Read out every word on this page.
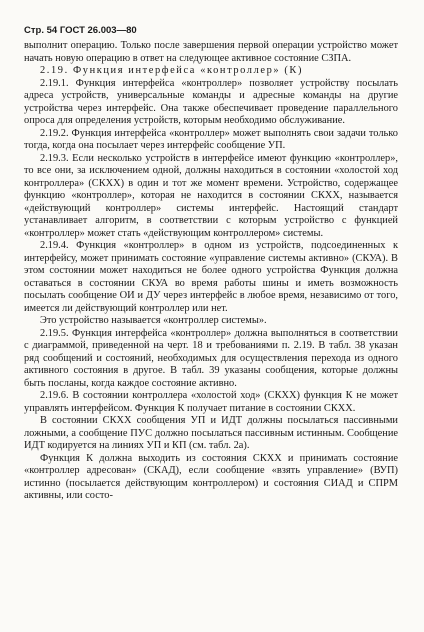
Стр. 54 ГОСТ 26.003—80

выполнит операцию. Только после завершения первой операции устройство может начать новую операцию в ответ на следующее активное состояние СЗПА.

2.19. Функция интерфейса «контроллер» (К)

2.19.1. Функция интерфейса «контроллер» позволяет устройству посылать адреса устройств, универсальные команды и адресные команды на другие устройства через интерфейс. Она также обеспечивает проведение параллельного опроса для определения устройств, которым необходимо обслуживание.

2.19.2. Функция интерфейса «контроллер» может выполнять свои задачи только тогда, когда она посылает через интерфейс сообщение УП.

2.19.3. Если несколько устройств в интерфейсе имеют функцию «контроллер», то все они, за исключением одной, должны находиться в состоянии «холостой ход контроллера» (СКХХ) в один и тот же момент времени. Устройство, содержащее функцию «контроллер», которая не находится в состоянии СКХХ, называется «действующий контроллер» системы интерфейс. Настоящий стандарт устанавливает алгоритм, в соответствии с которым устройство с функцией «контроллер» может стать «действующим контроллером» системы.

2.19.4. Функция «контроллер» в одном из устройств, подсоединенных к интерфейсу, может принимать состояние «управление системы активно» (СКУА). В этом состоянии может находиться не более одного устройства Функция должна оставаться в состоянии СКУА во время работы шины и иметь возможность посылать сообщение ОИ и ДУ через интерфейс в любое время, независимо от того, имеется ли действующий контроллер или нет.

Это устройство называется «контроллер системы».

2.19.5. Функция интерфейса «контроллер» должна выполняться в соответствии с диаграммой, приведенной на черт. 18 и требованиями п. 2.19. В табл. 38 указан ряд сообщений и состояний, необходимых для осуществления перехода из одного активного состояния в другое. В табл. 39 указаны сообщения, которые должны быть посланы, когда каждое состояние активно.

2.19.6. В состоянии контроллера «холостой ход» (СКХХ) функция К не может управлять интерфейсом. Функция К получает питание в состоянии СКХХ.

В состоянии СКХХ сообщения УП и ИДТ должны посылаться пассивными ложными, а сообщение ПУС должно посылаться пассивным истинным. Сообщение ИДТ кодируется на линиях УП и КП (см. табл. 2а).

Функция К должна выходить из состояния СКХХ и принимать состояние «контроллер адресован» (СКАД), если сообщение «взять управление» (ВУП) истинно (посылается действующим контроллером) и состояния СИАД и СПРМ активны, или состо-
